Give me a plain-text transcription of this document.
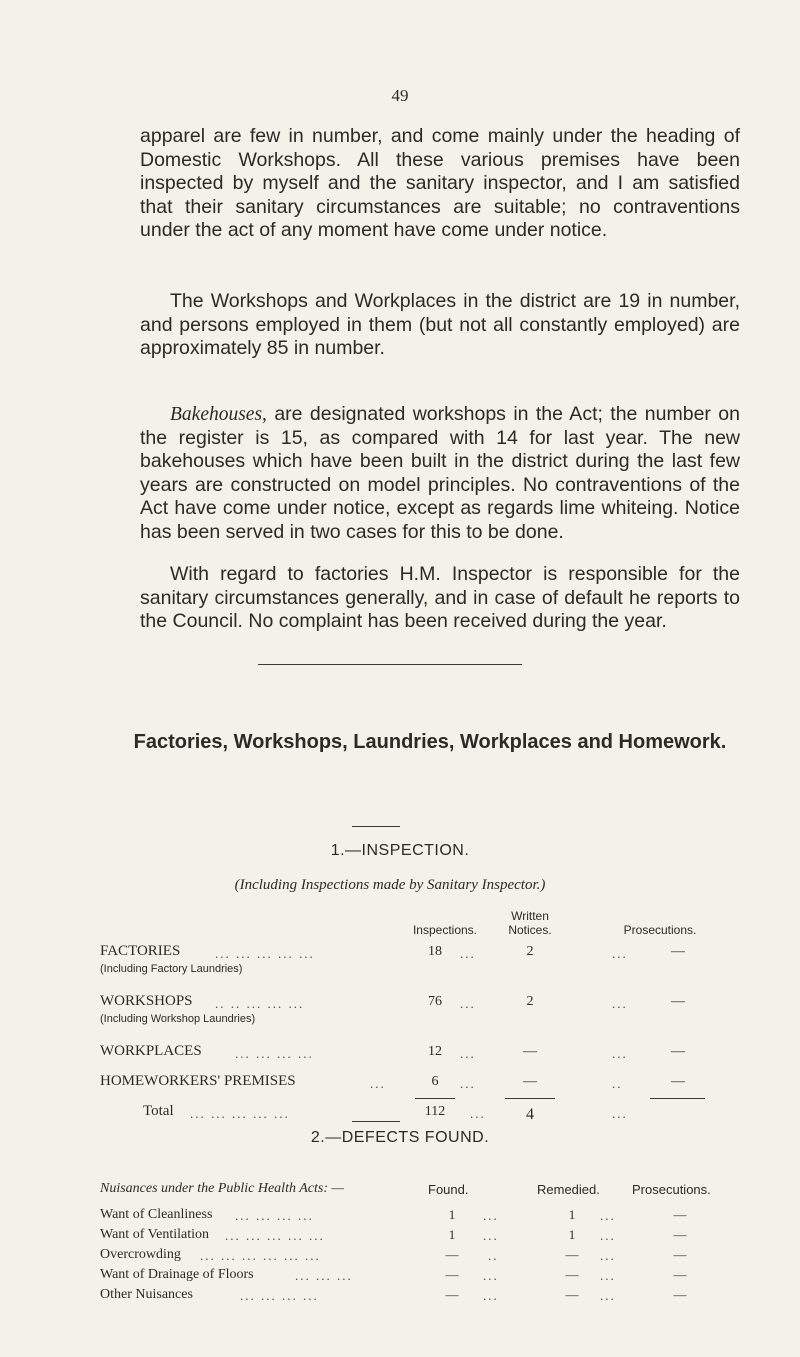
49

apparel are few in number, and come mainly under the heading of Domestic Workshops. All these various premises have been inspected by myself and the sanitary inspector, and I am satisfied that their sanitary circumstances are suitable; no contraventions under the act of any moment have come under notice.

The Workshops and Workplaces in the district are 19 in number, and persons employed in them (but not all constantly employed) are approximately 85 in number.

Bakehouses, are designated workshops in the Act; the number on the register is 15, as compared with 14 for last year. The new bakehouses which have been built in the district during the last few years are constructed on model principles. No contraventions of the Act have come under notice, except as regards lime whiteing. Notice has been served in two cases for this to be done.

With regard to factories H.M. Inspector is responsible for the sanitary circumstances generally, and in case of default he reports to the Council. No complaint has been received during the year.

Factories, Workshops, Laundries, Workplaces and Homework.
1.—INSPECTION.
(Including Inspections made by Sanitary Inspector.)
Inspections.
Written Notices.	Prosecutions.
FACTORIES
(Including Factory Laundries)
... ... ... ... ...	18	...	2	...	—
WORKSHOPS
(Including Workshop Laundries)
.. .. ... ... ...	76	...	2	...	—
WORKPLACES	... ... ... ...	12	...	—	...	—
HOMEWORKERS' PREMISES	...	6	...	—	..	—
Total ... ... ... ... ...	112	...	4	...
2.—DEFECTS FOUND.
Nuisances under the Public Health Acts: —	Found.	Remedied. Prosecutions.
Want of Cleanliness ... ... ... ...	1	...	1	...	—
Want of Ventilation ... ... ... ... ...	1	...	1	...	—
Overcrowding ... ... ... ... ... ...	—	..	—	...	—
Want of Drainage of Floors	... ... ...	—	...	—	...	—
Other Nuisances	... ... ... ...	—	...	—	...	—
